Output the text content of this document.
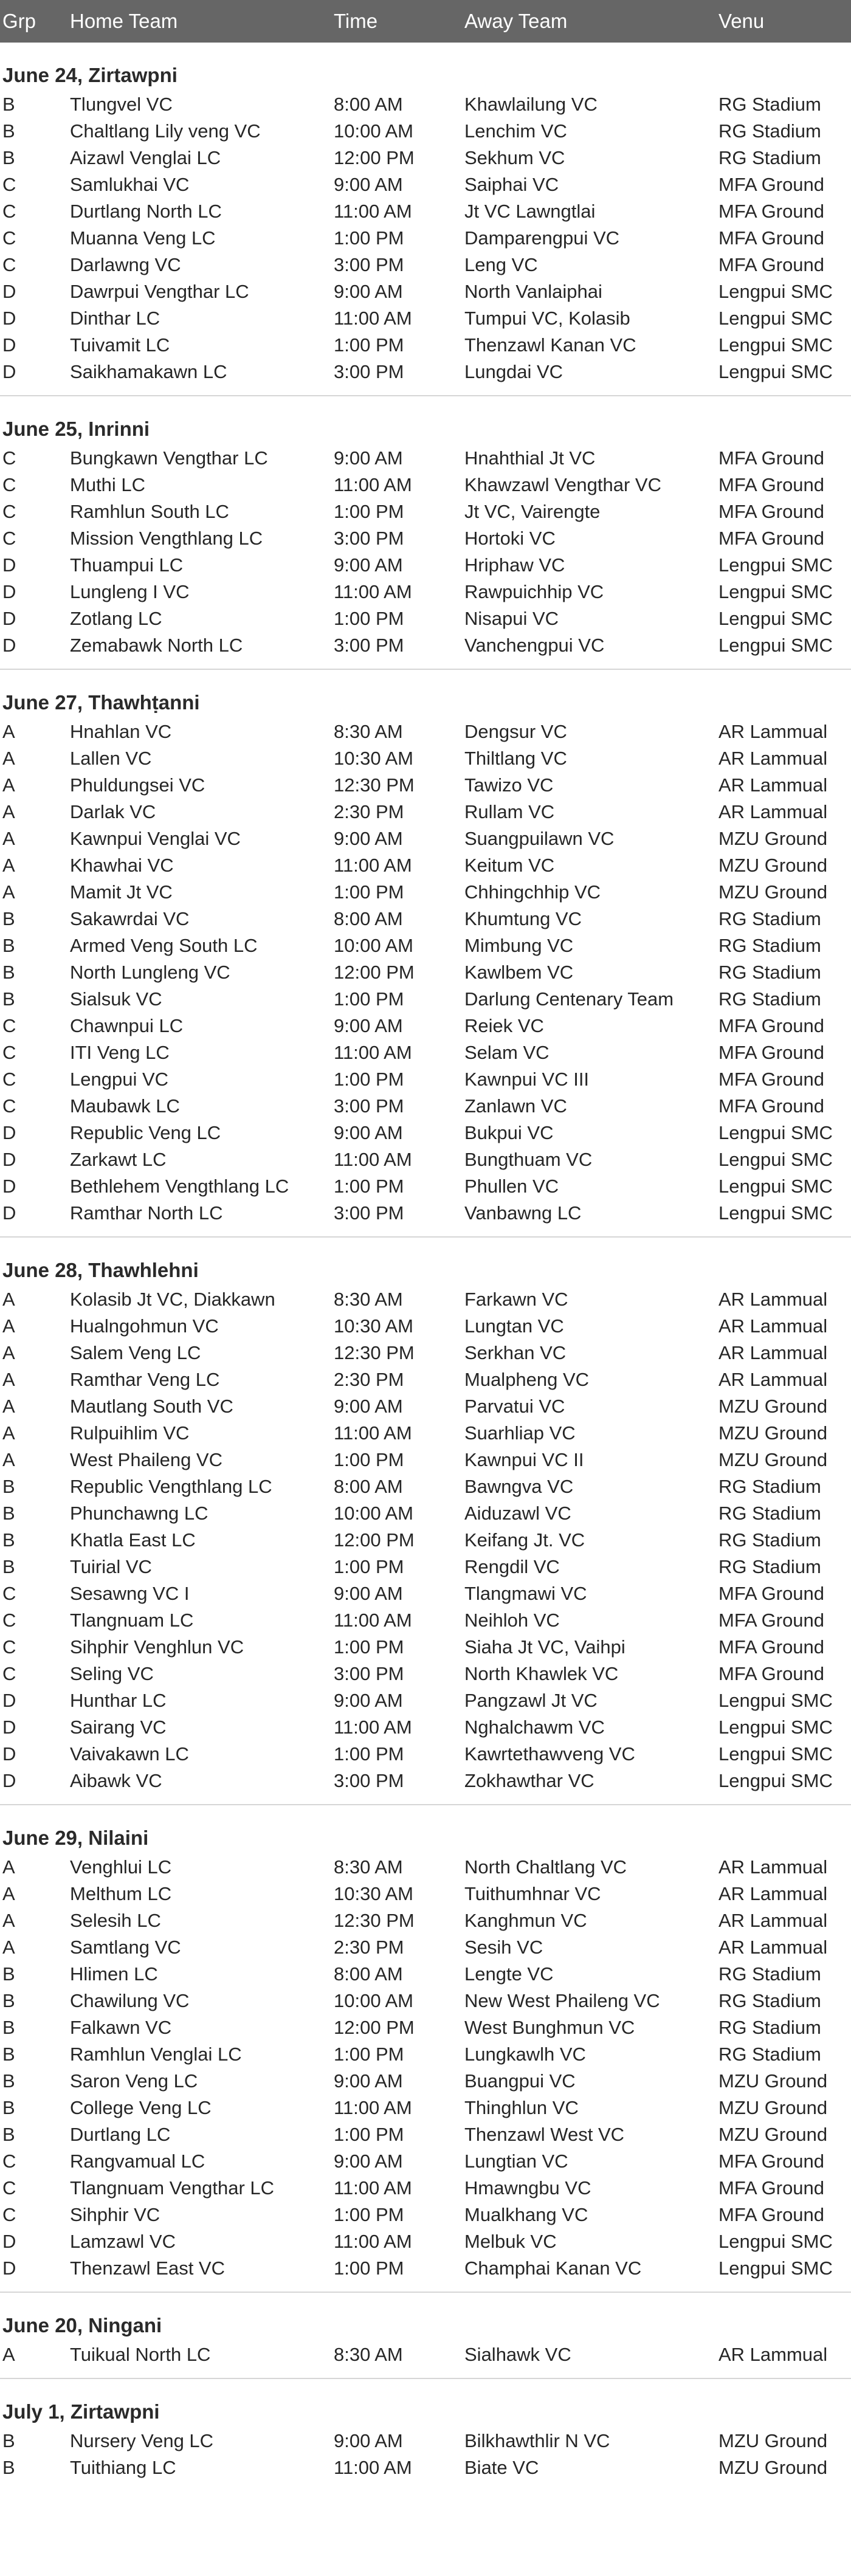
Grp	Home Team	Time	Away Team	Venu
June 24, Zirtawpni
B	Tlungvel VC	8:00 AM	Khawlailung VC	RG Stadium
B	Chaltlang Lily veng VC	10:00 AM	Lenchim VC	RG Stadium
B	Aizawl Venglai LC	12:00 PM	Sekhum VC	RG Stadium
C	Samlukhai VC	9:00 AM	Saiphai VC	MFA Ground
C	Durtlang North LC	11:00 AM	Jt VC Lawngtlai	MFA Ground
C	Muanna Veng LC	1:00 PM	Damparengpui VC	MFA Ground
C	Darlawng VC	3:00 PM	Leng VC	MFA Ground
D	Dawrpui Vengthar LC	9:00 AM	North Vanlaiphai	Lengpui SMC
D	Dinthar LC	11:00 AM	Tumpui VC, Kolasib	Lengpui SMC
D	Tuivamit LC	1:00 PM	Thenzawl Kanan VC	Lengpui SMC
D	Saikhamakawn LC	3:00 PM	Lungdai VC	Lengpui SMC
June 25, Inrinni
C	Bungkawn Vengthar LC	9:00 AM	Hnahthial Jt VC	MFA Ground
C	Muthi LC	11:00 AM	Khawzawl Vengthar VC	MFA Ground
C	Ramhlun South LC	1:00 PM	Jt VC, Vairengte	MFA Ground
C	Mission Vengthlang LC	3:00 PM	Hortoki VC	MFA Ground
D	Thuampui LC	9:00 AM	Hriphaw VC	Lengpui SMC
D	Lungleng I VC	11:00 AM	Rawpuichhip VC	Lengpui SMC
D	Zotlang LC	1:00 PM	Nisapui VC	Lengpui SMC
D	Zemabawk North LC	3:00 PM	Vanchengpui VC	Lengpui SMC
June 27, Thawhṭanni
A	Hnahlan VC	8:30 AM	Dengsur VC	AR Lammual
A	Lallen VC	10:30 AM	Thiltlang VC	AR Lammual
A	Phuldungsei VC	12:30 PM	Tawizo VC	AR Lammual
A	Darlak VC	2:30 PM	Rullam VC	AR Lammual
A	Kawnpui Venglai VC	9:00 AM	Suangpuilawn VC	MZU Ground
A	Khawhai VC	11:00 AM	Keitum VC	MZU Ground
A	Mamit Jt VC	1:00 PM	Chhingchhip VC	MZU Ground
B	Sakawrdai VC	8:00 AM	Khumtung VC	RG Stadium
B	Armed Veng South LC	10:00 AM	Mimbung VC	RG Stadium
B	North Lungleng VC	12:00 PM	Kawlbem VC	RG Stadium
B	Sialsuk VC	1:00 PM	Darlung Centenary Team	RG Stadium
C	Chawnpui LC	9:00 AM	Reiek VC	MFA Ground
C	ITI Veng LC	11:00 AM	Selam VC	MFA Ground
C	Lengpui VC	1:00 PM	Kawnpui VC III	MFA Ground
C	Maubawk LC	3:00 PM	Zanlawn VC	MFA Ground
D	Republic Veng LC	9:00 AM	Bukpui VC	Lengpui SMC
D	Zarkawt LC	11:00 AM	Bungthuam VC	Lengpui SMC
D	Bethlehem Vengthlang LC	1:00 PM	Phullen VC	Lengpui SMC
D	Ramthar North LC	3:00 PM	Vanbawng LC	Lengpui SMC
June 28, Thawhlehni
A	Kolasib Jt VC, Diakkawn	8:30 AM	Farkawn VC	AR Lammual
A	Hualngohmun VC	10:30 AM	Lungtan VC	AR Lammual
A	Salem Veng LC	12:30 PM	Serkhan VC	AR Lammual
A	Ramthar Veng LC	2:30 PM	Mualpheng VC	AR Lammual
A	Mautlang South VC	9:00 AM	Parvatui VC	MZU Ground
A	Rulpuihlim VC	11:00 AM	Suarhliap VC	MZU Ground
A	West Phaileng VC	1:00 PM	Kawnpui VC II	MZU Ground
B	Republic Vengthlang LC	8:00 AM	Bawngva VC	RG Stadium
B	Phunchawng LC	10:00 AM	Aiduzawl VC	RG Stadium
B	Khatla East LC	12:00 PM	Keifang Jt. VC	RG Stadium
B	Tuirial VC	1:00 PM	Rengdil VC	RG Stadium
C	Sesawng VC I	9:00 AM	Tlangmawi VC	MFA Ground
C	Tlangnuam LC	11:00 AM	Neihloh VC	MFA Ground
C	Sihphir Venghlun VC	1:00 PM	Siaha Jt VC, Vaihpi	MFA Ground
C	Seling VC	3:00 PM	North Khawlek VC	MFA Ground
D	Hunthar LC	9:00 AM	Pangzawl Jt VC	Lengpui SMC
D	Sairang VC	11:00 AM	Nghalchawm VC	Lengpui SMC
D	Vaivakawn LC	1:00 PM	Kawrtethawveng VC	Lengpui SMC
D	Aibawk VC	3:00 PM	Zokhawthar VC	Lengpui SMC
June 29, Nilaini
A	Venghlui LC	8:30 AM	North Chaltlang VC	AR Lammual
A	Melthum LC	10:30 AM	Tuithumhnar VC	AR Lammual
A	Selesih LC	12:30 PM	Kanghmun VC	AR Lammual
A	Samtlang VC	2:30 PM	Sesih VC	AR Lammual
B	Hlimen LC	8:00 AM	Lengte VC	RG Stadium
B	Chawilung VC	10:00 AM	New West Phaileng VC	RG Stadium
B	Falkawn VC	12:00 PM	West Bunghmun VC	RG Stadium
B	Ramhlun Venglai LC	1:00 PM	Lungkawlh VC	RG Stadium
B	Saron Veng LC	9:00 AM	Buangpui VC	MZU Ground
B	College Veng LC	11:00 AM	Thinghlun VC	MZU Ground
B	Durtlang LC	1:00 PM	Thenzawl West VC	MZU Ground
C	Rangvamual LC	9:00 AM	Lungtian VC	MFA Ground
C	Tlangnuam Vengthar LC	11:00 AM	Hmawngbu VC	MFA Ground
C	Sihphir VC	1:00 PM	Mualkhang VC	MFA Ground
D	Lamzawl VC	11:00 AM	Melbuk VC	Lengpui SMC
D	Thenzawl East VC	1:00 PM	Champhai Kanan VC	Lengpui SMC
June 20, Ningani
A	Tuikual North LC	8:30 AM	Sialhawk VC	AR Lammual
July 1, Zirtawpni
B	Nursery Veng LC	9:00 AM	Bilkhawthlir N VC	MZU Ground
B	Tuithiang LC	11:00 AM	Biate VC	MZU Ground
